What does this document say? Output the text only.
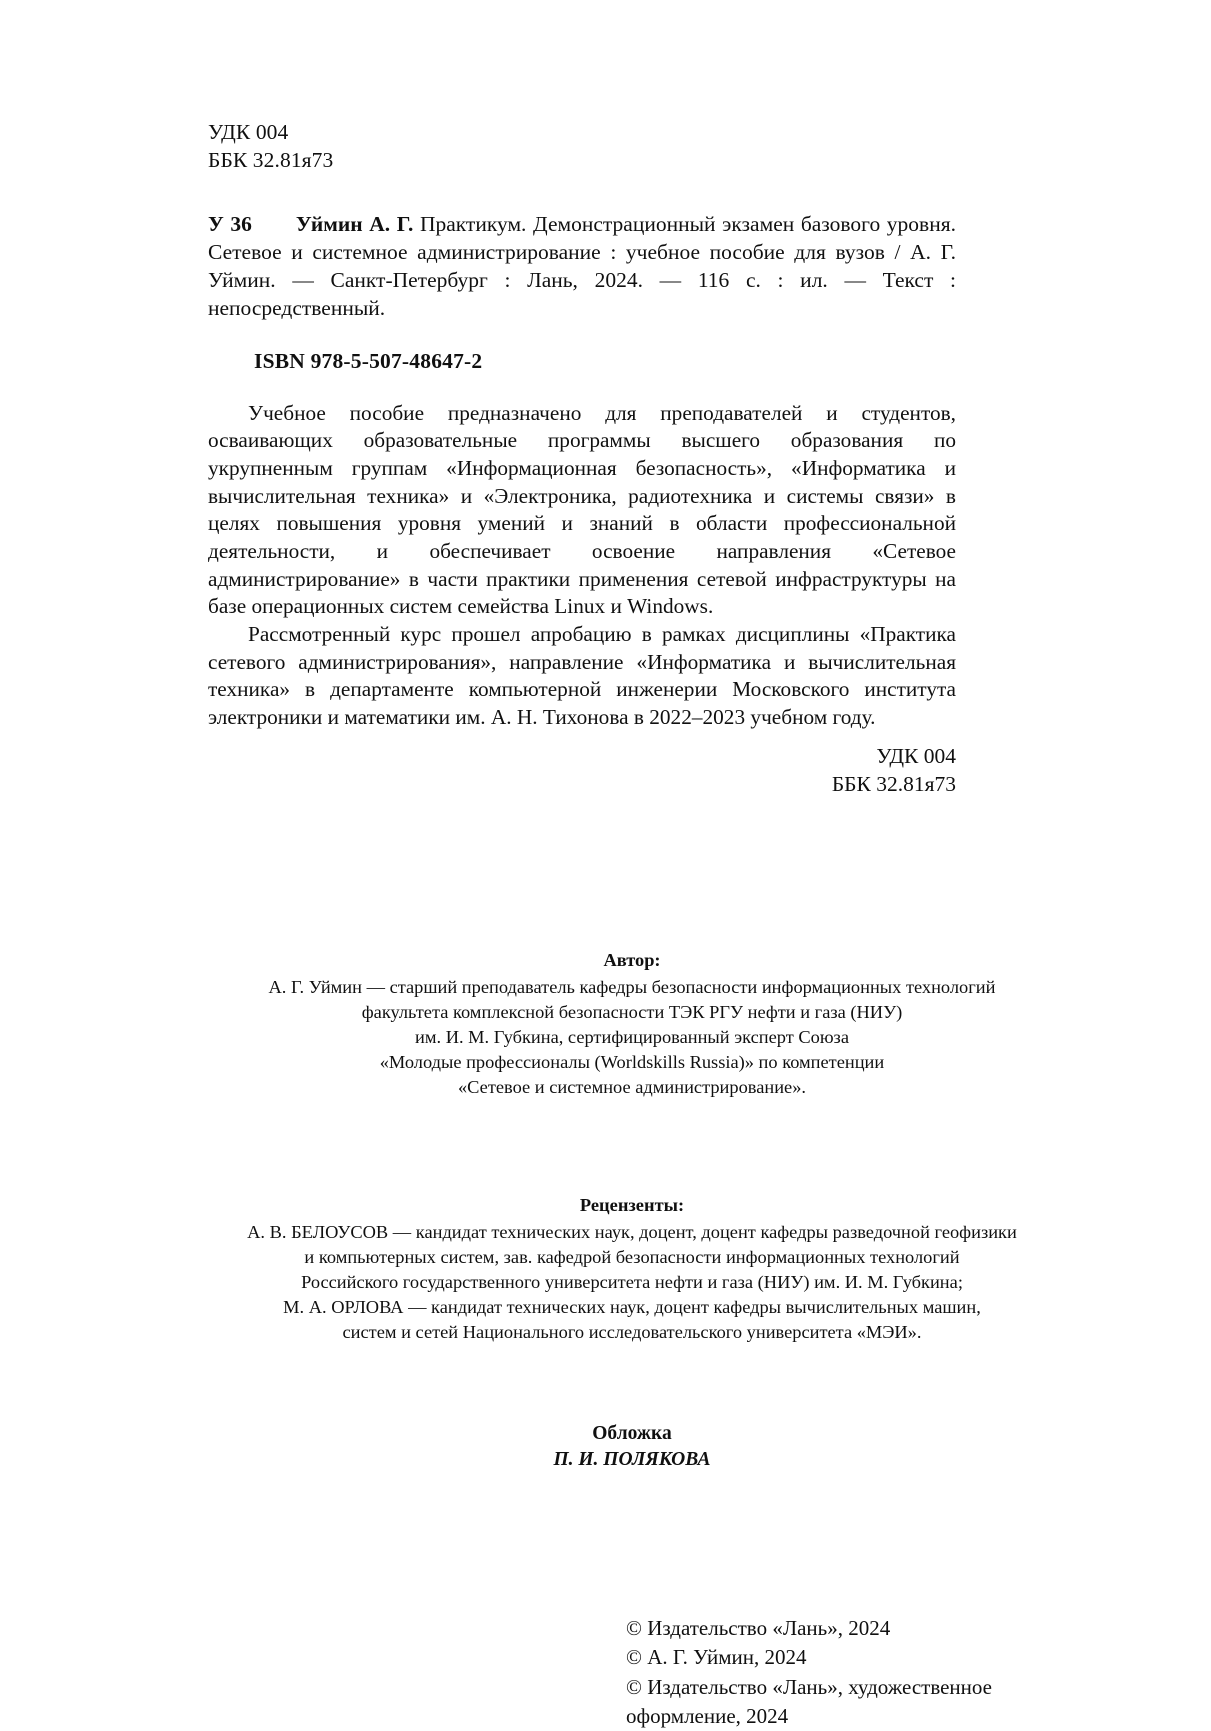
УДК 004
ББК 32.81я73
У 36 Уймин А. Г. Практикум. Демонстрационный экзамен базового уровня. Сетевое и системное администрирование : учебное пособие для вузов / А. Г. Уймин. — Санкт-Петербург : Лань, 2024. — 116 с. : ил. — Текст : непосредственный.
ISBN 978-5-507-48647-2

Учебное пособие предназначено для преподавателей и студентов, осваивающих образовательные программы высшего образования по укрупненным группам «Информационная безопасность», «Информатика и вычислительная техника» и «Электроника, радиотехника и системы связи» в целях повышения уровня умений и знаний в области профессиональной деятельности, и обеспечивает освоение направления «Сетевое администрирование» в части практики применения сетевой инфраструктуры на базе операционных систем семейства Linux и Windows.

Рассмотренный курс прошел апробацию в рамках дисциплины «Практика сетевого администрирования», направление «Информатика и вычислительная техника» в департаменте компьютерной инженерии Московского института электроники и математики им. А. Н. Тихонова в 2022–2023 учебном году.

УДК 004
ББК 32.81я73
Автор:
А. Г. Уймин — старший преподаватель кафедры безопасности информационных технологий
факультета комплексной безопасности ТЭК РГУ нефти и газа (НИУ)
им. И. М. Губкина, сертифицированный эксперт Союза
«Молодые профессионалы (Worldskills Russia)» по компетенции
«Сетевое и системное администрирование».
Рецензенты:
А. В. БЕЛОУСОВ — кандидат технических наук, доцент, доцент кафедры разведочной геофизики
и компьютерных систем, зав. кафедрой безопасности информационных технологий
Российского государственного университета нефти и газа (НИУ) им. И. М. Губкина;
М. А. ОРЛОВА — кандидат технических наук, доцент кафедры вычислительных машин,
систем и сетей Национального исследовательского университета «МЭИ».
Обложка
П. И. ПОЛЯКОВА
© Издательство «Лань», 2024
© А. Г. Уймин, 2024
© Издательство «Лань», художественное
оформление, 2024
